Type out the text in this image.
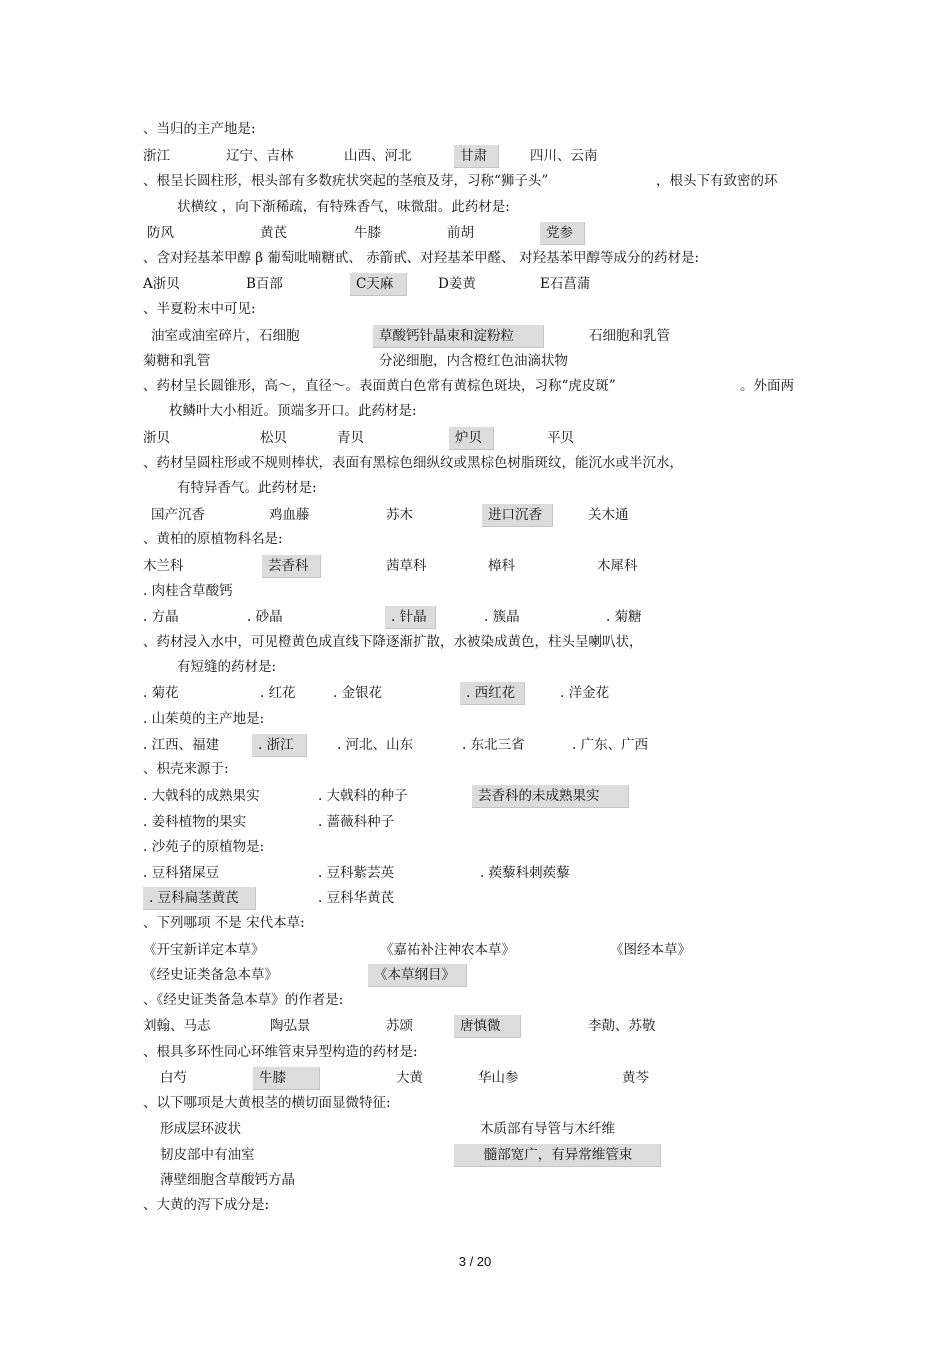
、当归的主产地是:
浙江	辽宁、吉林	山西、河北	甘肃	四川、云南
、根呈长圆柱形，根头部有多数疣状突起的茎痕及芽，习称“狮子头”	，根头下有致密的环
状横纹 ，向下渐稀疏，有特殊香气，味微甜。此药材是:
防风	黄芪	牛膝	前胡	党参
、含对羟基苯甲醇 β 葡萄吡喃糖甙、 赤箭甙、对羟基苯甲醛、 对羟基苯甲醇等成分的药材是:
A浙贝	B百部	C天麻	D姜黄	E石菖蒲
、半夏粉末中可见:
油室或油室碎片，石细胞	草酸钙针晶束和淀粉粒	石细胞和乳管
菊糖和乳管	分泌细胞，内含橙红色油滴状物
、药材呈长圆锥形，高～，直径～。表面黄白色常有黄棕色斑块，习称“虎皮斑”	。外面两
枚鳞叶大小相近。顶端多开口。此药材是:
浙贝	松贝	青贝	炉贝	平贝
、药材呈圆柱形或不规则棒状，表面有黑棕色细纵纹或黑棕色树脂斑纹，能沉水或半沉水，
有特异香气。此药材是:
国产沉香	鸡血藤	苏木	进口沉香	关木通
、黄柏的原植物科名是:
木兰科	芸香科	茜草科	樟科	木犀科
. 肉桂含草酸钙
. 方晶	. 砂晶	. 针晶	. 簇晶	. 菊糖
、药材浸入水中，可见橙黄色成直线下降逐渐扩散，水被染成黄色，柱头呈喇叭状，
有短缝的药材是:
. 菊花	. 红花	. 金银花	. 西红花	. 洋金花
. 山茱萸的主产地是:
. 江西、福建	. 浙江	. 河北、山东	. 东北三省	. 广东、广西
、枳壳来源于:
. 大戟科的成熟果实	. 大戟科的种子	芸香科的未成熟果实
. 姜科植物的果实	. 蔷薇科种子
. 沙苑子的原植物是:
. 豆科猪屎豆	. 豆科紫芸英	. 蒺藜科刺蒺藜
. 豆科扁茎黄芪	. 豆科华黄芪
、下列哪项 不是 宋代本草:
《开宝新详定本草》	《嘉祐补注神农本草》	《图经本草》
《经史证类备急本草》	《本草纲目》
、《经史证类备急本草》的作者是:
刘翰、马志	陶弘景	苏颂	唐慎微	李勣、苏敬
、根具多环性同心环维管束异型构造的药材是:
白芍	牛膝	大黄	华山参	黄芩
、以下哪项是大黄根茎的横切面显微特征:
形成层环波状	木质部有导管与木纤维
韧皮部中有油室	髓部宽广，有异常维管束
薄壁细胞含草酸钙方晶
、大黄的泻下成分是:
3 / 20
